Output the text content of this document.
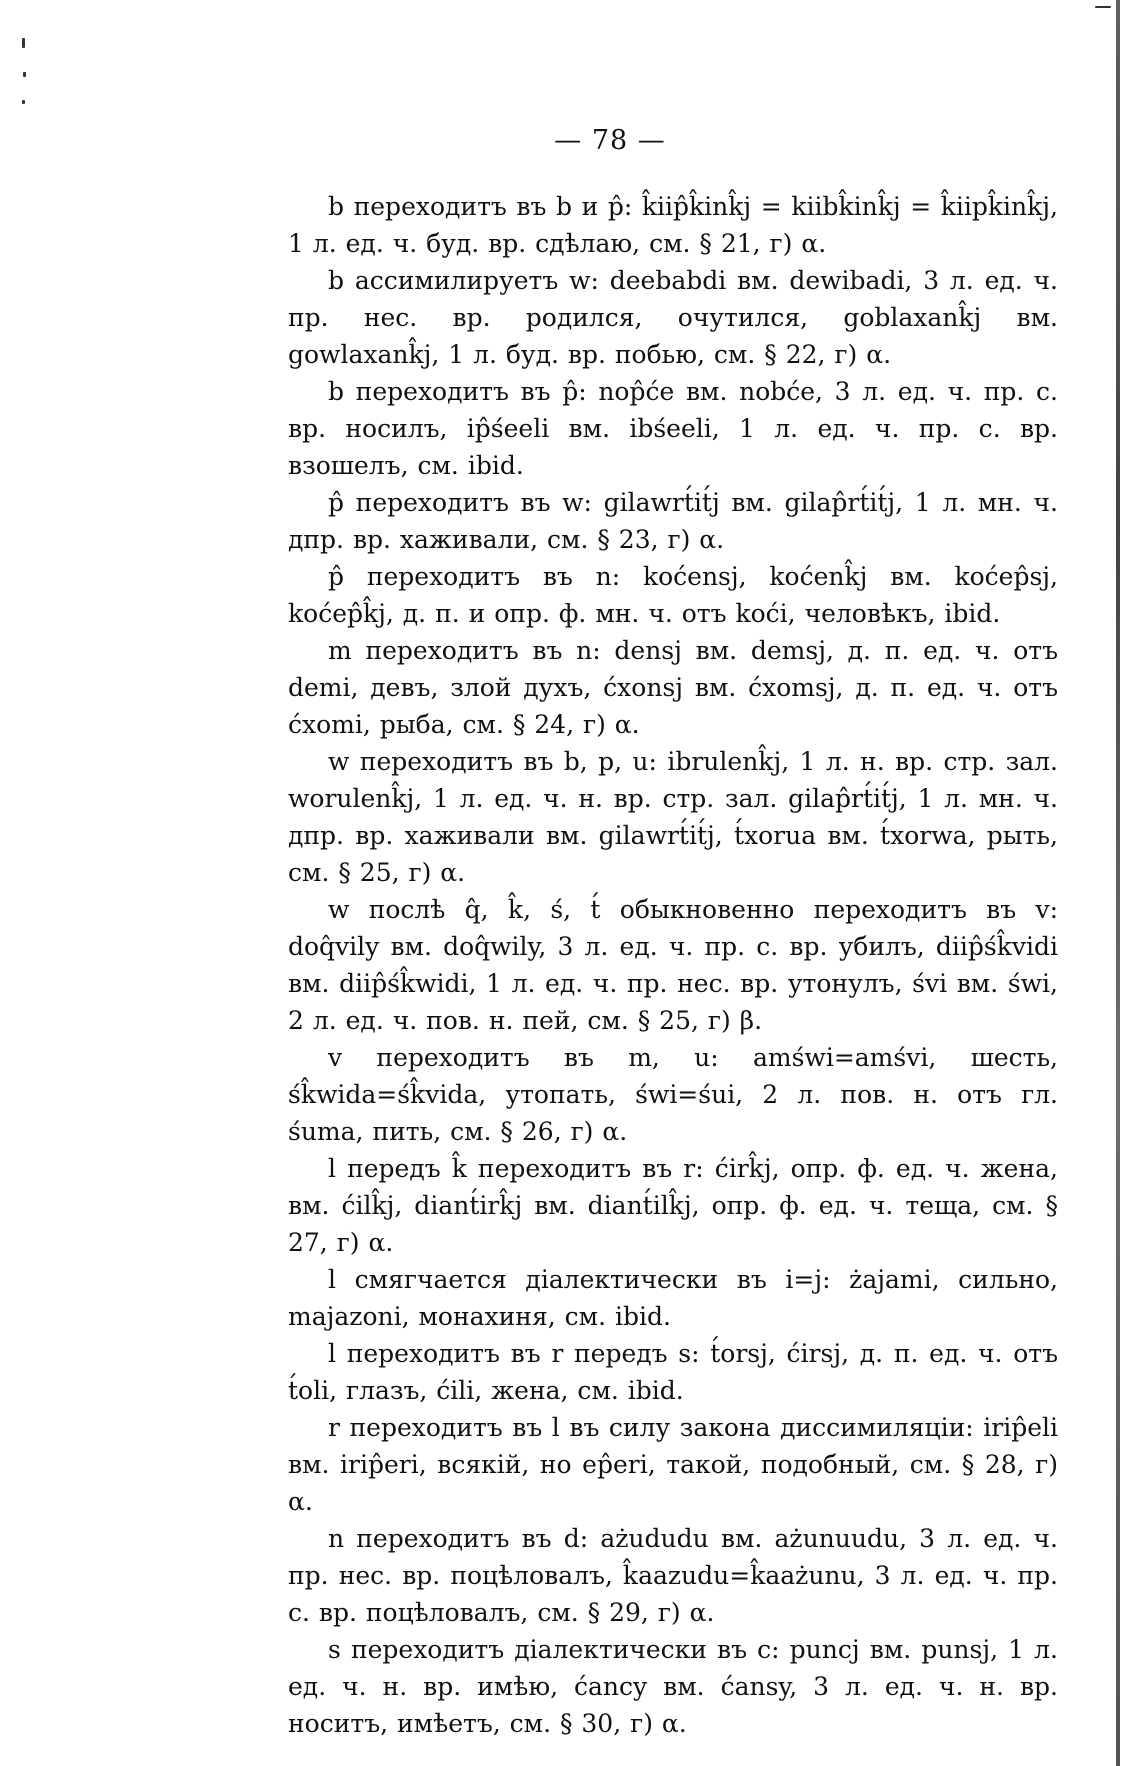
— 78 —

b переходитъ въ b и p̂: k̂iip̂k̂ink̂j = kiibk̂ink̂j = k̂iipk̂ink̂j, 1 л. ед. ч. буд. вр. сдѣлаю, см. § 21, г) α.

b ассимилируетъ w: deebabdi вм. dewibadi, 3 л. ед. ч. пр. нес. вр. родился, очутился, goblaxank̂j вм. gowlaxank̂j, 1 л. буд. вр. побью, см. § 22, г) α.

b переходитъ въ p̂: nop̂će вм. nobće, 3 л. ед. ч. пр. с. вр. носилъ, ip̂śeeli вм. ibśeeli, 1 л. ед. ч. пр. с. вр. взошелъ, см. ibid.

p̂ переходитъ въ w: gilawrt́it́j вм. gilap̂rt́it́j, 1 л. мн. ч. дпр. вр. хаживали, см. § 23, г) α.

p̂ переходитъ въ n: koćensj, koćenk̂j вм. koćep̂sj, koćep̂k̂j, д. п. и опр. ф. мн. ч. отъ koći, человѣкъ, ibid.

m переходитъ въ n: densj вм. demsj, д. п. ед. ч. отъ demi, девъ, злой духъ, ćxonsj вм. ćxomsj, д. п. ед. ч. отъ ćxomi, рыба, см. § 24, г) α.

w переходитъ въ b, p, u: ibrulenk̂j, 1 л. н. вр. стр. зал. worulenk̂j, 1 л. ед. ч. н. вр. стр. зал. gilap̂rt́it́j, 1 л. мн. ч. дпр. вр. хаживали вм. gilawrt́it́j, t́xorua вм. t́xorwa, рыть, см. § 25, г) α.

w послѣ q̂, k̂, ś, t́ обыкновенно переходитъ въ v: doq̂vily вм. doq̂wily, 3 л. ед. ч. пр. с. вр. убилъ, diip̂śk̂vidi вм. diip̂śk̂widi, 1 л. ед. ч. пр. нес. вр. утонулъ, śvi вм. świ, 2 л. ед. ч. пов. н. пей, см. § 25, г) β.

v переходитъ въ m, u: amświ=amśvi, шесть, śk̂wida=śk̂vida, утопать, świ=śui, 2 л. пов. н. отъ гл. śuma, пить, см. § 26, г) α.

l передъ k̂ переходитъ въ r: ćirk̂j, опр. ф. ед. ч. жена, вм. ćilk̂j, diant́irk̂j вм. diant́ilk̂j, опр. ф. ед. ч. теща, см. § 27, г) α.

l смягчается діалектически въ i=j: żajami, сильно, majazoni, монахиня, см. ibid.

l переходитъ въ r передъ s: t́orsj, ćirsj, д. п. ед. ч. отъ t́oli, глазъ, ćili, жена, см. ibid.

r переходитъ въ l въ силу закона диссимиляціи: irip̂eli вм. irip̂eri, всякій, но ep̂eri, такой, подобный, см. § 28, г) α.

n переходитъ въ d: ażududu вм. ażunuudu, 3 л. ед. ч. пр. нес. вр. поцѣловалъ, k̂aazudu=k̂aażunu, 3 л. ед. ч. пр. с. вр. поцѣловалъ, см. § 29, г) α.

s переходитъ діалектически въ c: puncj вм. punsj, 1 л. ед. ч. н. вр. имѣю, ćancy вм. ćansy, 3 л. ед. ч. н. вр. носитъ, имѣетъ, см. § 30, г) α.
